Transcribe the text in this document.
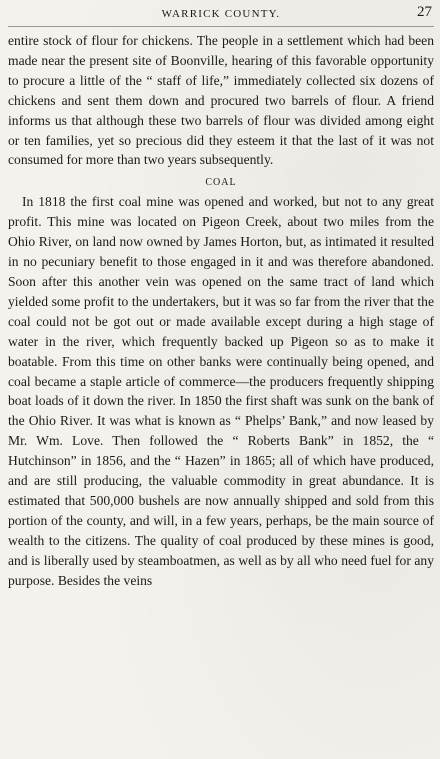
WARRICK COUNTY.	27

entire stock of flour for chickens. The people in a settlement which had been made near the present site of Boonville, hearing of this favorable opportunity to procure a little of the “ staff of life,” immediately collected six dozens of chickens and sent them down and procured two barrels of flour. A friend informs us that although these two barrels of flour was divided among eight or ten families, yet so precious did they esteem it that the last of it was not consumed for more than two years subsequently.

COAL

In 1818 the first coal mine was opened and worked, but not to any great profit. This mine was located on Pigeon Creek, about two miles from the Ohio River, on land now owned by James Horton, but, as intimated it resulted in no pecuniary benefit to those engaged in it and was therefore abandoned. Soon after this another vein was opened on the same tract of land which yielded some profit to the undertakers, but it was so far from the river that the coal could not be got out or made available except during a high stage of water in the river, which frequently backed up Pigeon so as to make it boatable. From this time on other banks were continually being opened, and coal became a staple article of commerce—the producers frequently shipping boat loads of it down the river. In 1850 the first shaft was sunk on the bank of the Ohio River. It was what is known as “ Phelps’ Bank,” and now leased by Mr. Wm. Love. Then followed the “ Roberts Bank” in 1852, the “ Hutchinson” in 1856, and the “ Hazen” in 1865; all of which have produced, and are still producing, the valuable commodity in great abundance. It is estimated that 500,000 bushels are now annually shipped and sold from this portion of the county, and will, in a few years, perhaps, be the main source of wealth to the citizens. The quality of coal produced by these mines is good, and is liberally used by steamboatmen, as well as by all who need fuel for any purpose. Besides the veins
